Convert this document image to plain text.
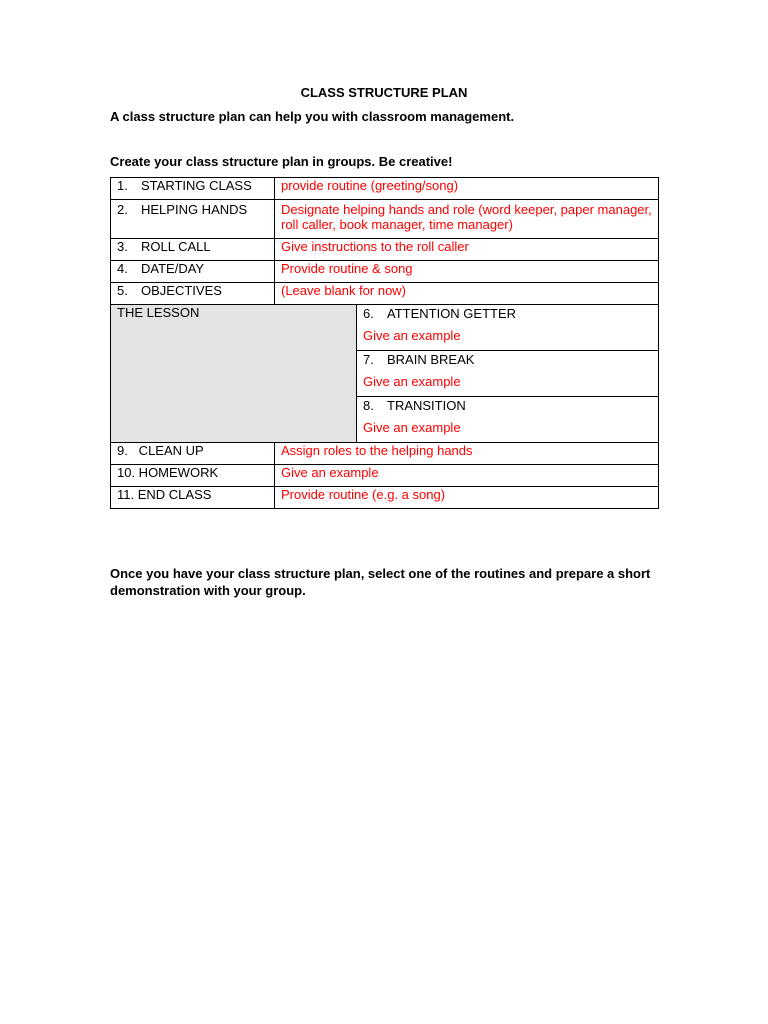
CLASS STRUCTURE PLAN
A class structure plan can help you with classroom management.
Create your class structure plan in groups. Be creative!
1. STARTING CLASS	provide routine (greeting/song)	
2. HELPING HANDS	Designate helping hands and role (word keeper, paper manager, roll caller, book manager, time manager)	
3. ROLL CALL	Give instructions to the roll caller	
4. DATE/DAY	Provide routine & song	
5. OBJECTIVES	(Leave blank for now)	
THE LESSON		6. ATTENTION GETTER
Give an example

		7. BRAIN BREAK
Give an example

		8. TRANSITION
Give an example

9.   CLEAN UP	Assign roles to the helping hands	
10. HOMEWORK	Give an example	
11. END CLASS	Provide routine (e.g. a song)	
Once you have your class structure plan, select one of the routines and prepare a short demonstration with your group.
